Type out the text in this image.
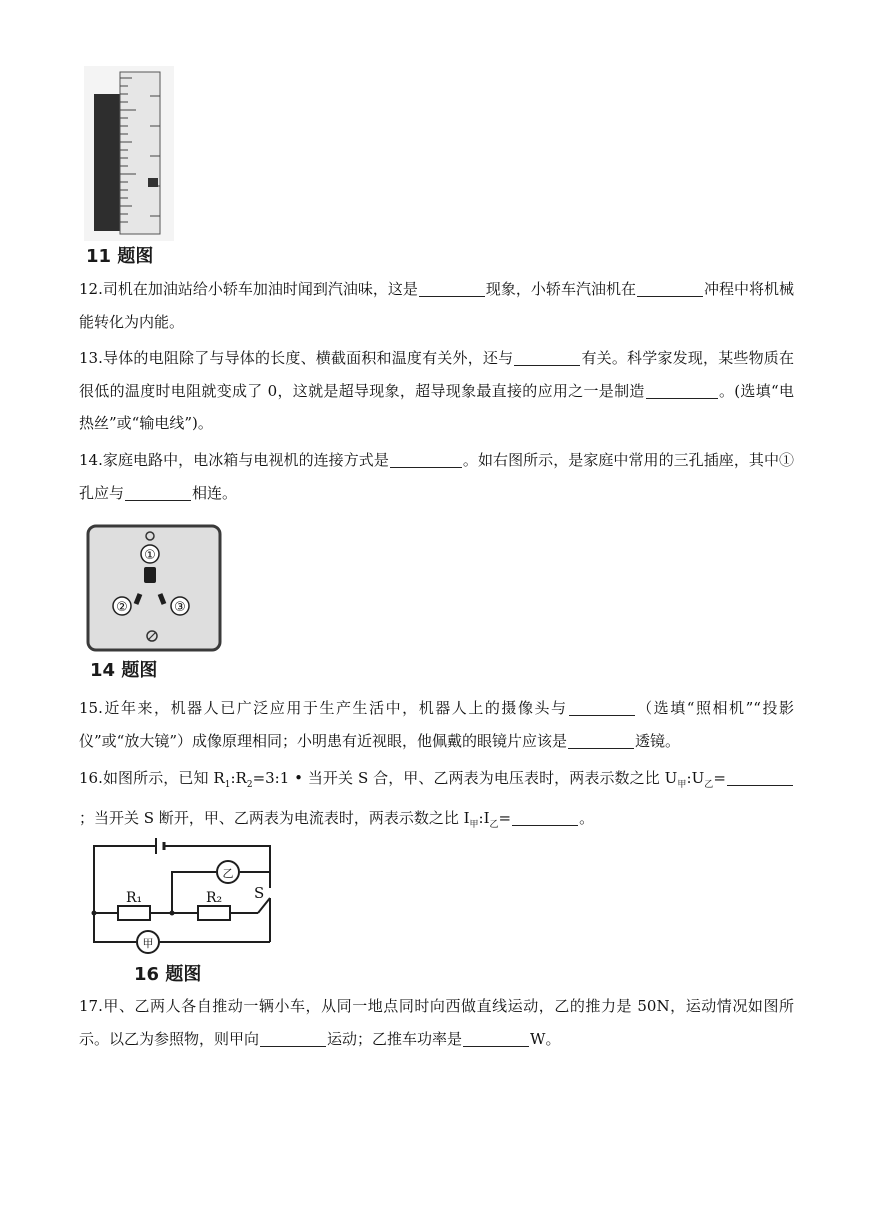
11 题图
12.司机在加油站给小轿车加油时闻到汽油味，这是	现象，小轿车汽油机在	冲程中将机械能转化为内能。
13.导体的电阻除了与导体的长度、横截面积和温度有关外，还与	有关。科学家发现，某些物质在很低的温度时电阻就变成了 0，这就是超导现象，超导现象最直接的应用之一是制造	。(选填“电热丝”或“输电线”)。
14.家庭电路中，电冰箱与电视机的连接方式是	。如右图所示，是家庭中常用的三孔插座，其中①孔应与	相连。
①
②	③
14 题图
15.近年来，机器人已广泛应用于生产生活中，机器人上的摄像头与	（选填“照相机”“投影仪”或“放大镜”）成像原理相同；小明患有近视眼，他佩戴的眼镜片应该是	透镜。
16.如图所示，已知 $R_1:R_2=3:1$ • 当开关 S 合，甲、乙两表为电压表时，两表示数之比 $U_甲:U_乙=$；当开关 S 断开，甲、乙两表为电流表时，两表示数之比 $I_甲:I_乙=$	。
R₁	R₂ S
乙
甲
16 题图
17.甲、乙两人各自推动一辆小车，从同一地点同时向西做直线运动，乙的推力是 50N，运动情况如图所示。以乙为参照物，则甲向	运动；乙推车功率是	W。
